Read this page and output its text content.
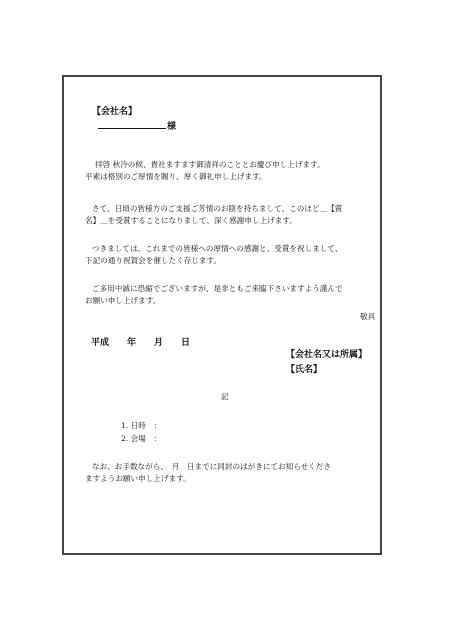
【会社名】
様
拝啓 秋冷の候、貴社ますます御清祥のこととお慶び申し上げます。
平素は格別のご厚情を賜り、厚く御礼申し上げます。
さて、日頃の皆様方のご支援ご芳情のお陰を持ちまして、このほど＿【賞
名】＿を受賞することになりまして、深く感謝申し上げます。
つきましては、これまでの皆様への厚情への感謝と、受賞を祝しまして、
下記の通り祝賀会を催したく存じます。
ご多用中誠に恐縮でございますが、是非ともご来臨下さいますよう謹んで
お願い申し上げます。
敬具
平成　　年　　月　　日
【会社名又は所属】
【氏名】
記
1. 日時　：
2. 会場　：
なお、お手数ながら、　月　日までに同封のはがきにてお知らせくださ
ますようお願い申し上げます。
